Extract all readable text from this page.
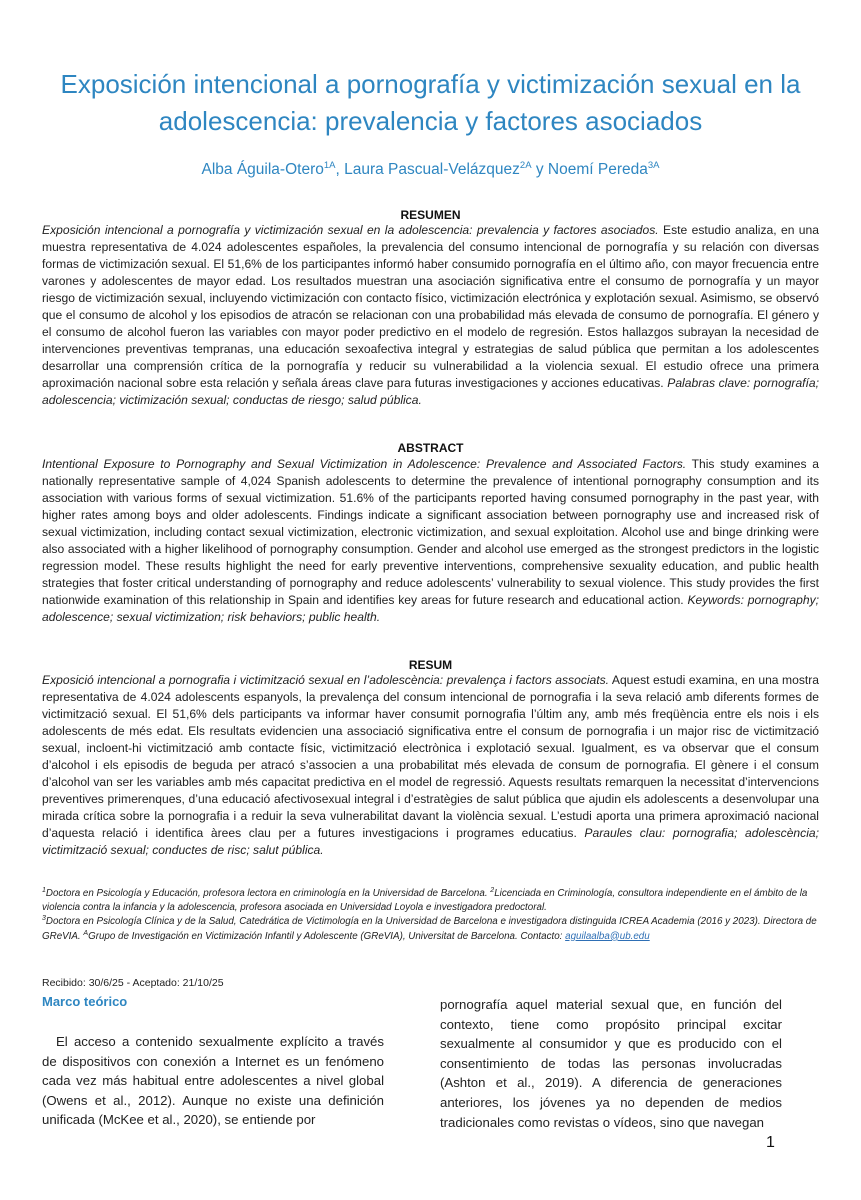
Exposición intencional a pornografía y victimización sexual en la adolescencia: prevalencia y factores asociados
Alba Águila-Otero$^{1A}$, Laura Pascual-Velázquez$^{2A}$ y Noemí Pereda$^{3A}$
RESUMEN
Exposición intencional a pornografía y victimización sexual en la adolescencia: prevalencia y factores asociados. Este estudio analiza, en una muestra representativa de 4.024 adolescentes españoles, la prevalencia del consumo intencional de pornografía y su relación con diversas formas de victimización sexual. El 51,6% de los participantes informó haber consumido pornografía en el último año, con mayor frecuencia entre varones y adolescentes de mayor edad. Los resultados muestran una asociación significativa entre el consumo de pornografía y un mayor riesgo de victimización sexual, incluyendo victimización con contacto físico, victimización electrónica y explotación sexual. Asimismo, se observó que el consumo de alcohol y los episodios de atracón se relacionan con una probabilidad más elevada de consumo de pornografía. El género y el consumo de alcohol fueron las variables con mayor poder predictivo en el modelo de regresión. Estos hallazgos subrayan la necesidad de intervenciones preventivas tempranas, una educación sexoafectiva integral y estrategias de salud pública que permitan a los adolescentes desarrollar una comprensión crítica de la pornografía y reducir su vulnerabilidad a la violencia sexual. El estudio ofrece una primera aproximación nacional sobre esta relación y señala áreas clave para futuras investigaciones y acciones educativas. Palabras clave: pornografía; adolescencia; victimización sexual; conductas de riesgo; salud pública.
ABSTRACT
Intentional Exposure to Pornography and Sexual Victimization in Adolescence: Prevalence and Associated Factors. This study examines a nationally representative sample of 4,024 Spanish adolescents to determine the prevalence of intentional pornography consumption and its association with various forms of sexual victimization. 51.6% of the participants reported having consumed pornography in the past year, with higher rates among boys and older adolescents. Findings indicate a significant association between pornography use and increased risk of sexual victimization, including contact sexual victimization, electronic victimization, and sexual exploitation. Alcohol use and binge drinking were also associated with a higher likelihood of pornography consumption. Gender and alcohol use emerged as the strongest predictors in the logistic regression model. These results highlight the need for early preventive interventions, comprehensive sexuality education, and public health strategies that foster critical understanding of pornography and reduce adolescents’ vulnerability to sexual violence. This study provides the first nationwide examination of this relationship in Spain and identifies key areas for future research and educational action. Keywords: pornography; adolescence; sexual victimization; risk behaviors; public health.
RESUM
Exposició intencional a pornografia i victimització sexual en l’adolescència: prevalença i factors associats. Aquest estudi examina, en una mostra representativa de 4.024 adolescents espanyols, la prevalença del consum intencional de pornografia i la seva relació amb diferents formes de victimització sexual. El 51,6% dels participants va informar haver consumit pornografia l’últim any, amb més freqüència entre els nois i els adolescents de més edat. Els resultats evidencien una associació significativa entre el consum de pornografia i un major risc de victimització sexual, incloent-hi victimització amb contacte físic, victimització electrònica i explotació sexual. Igualment, es va observar que el consum d’alcohol i els episodis de beguda per atracó s’associen a una probabilitat més elevada de consum de pornografia. El gènere i el consum d’alcohol van ser les variables amb més capacitat predictiva en el model de regressió. Aquests resultats remarquen la necessitat d’intervencions preventives primerenques, d’una educació afectivosexual integral i d’estratègies de salut pública que ajudin els adolescents a desenvolupar una mirada crítica sobre la pornografia i a reduir la seva vulnerabilitat davant la violència sexual. L’estudi aporta una primera aproximació nacional d’aquesta relació i identifica àrees clau per a futures investigacions i programes educatius. Paraules clau: pornografia; adolescència; victimització sexual; conductes de risc; salut pública.
$^1$Doctora en Psicología y Educación, profesora lectora en criminología en la Universidad de Barcelona. $^2$Licenciada en Criminología, consultora independiente en el ámbito de la violencia contra la infancia y la adolescencia, profesora asociada en Universidad Loyola e investigadora predoctoral.
$^3$Doctora en Psicología Clínica y de la Salud, Catedrática de Victimología en la Universidad de Barcelona e investigadora distinguida ICREA Academia (2016 y 2023). Directora de GReVIA. $^A$Grupo de Investigación en Victimización Infantil y Adolescente (GReVIA), Universitat de Barcelona. Contacto: aguilaalba@ub.edu
Recibido: 30/6/25 - Aceptado: 21/10/25
Marco teórico
El acceso a contenido sexualmente explícito a través de dispositivos con conexión a Internet es un fenómeno cada vez más habitual entre adolescentes a nivel global (Owens et al., 2012). Aunque no existe una definición unificada (McKee et al., 2020), se entiende por
pornografía aquel material sexual que, en función del contexto, tiene como propósito principal excitar sexualmente al consumidor y que es producido con el consentimiento de todas las personas involucradas (Ashton et al., 2019). A diferencia de generaciones anteriores, los jóvenes ya no dependen de medios tradicionales como revistas o vídeos, sino que navegan
1
